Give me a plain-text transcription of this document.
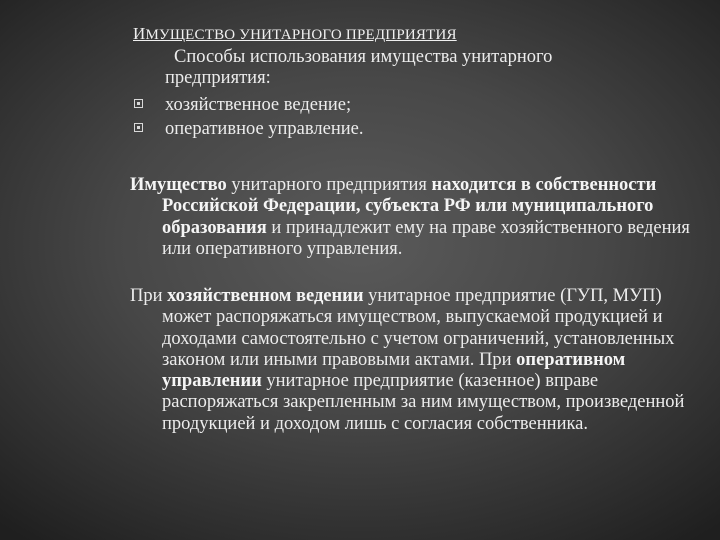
ИМУЩЕСТВО УНИТАРНОГО ПРЕДПРИЯТИЯ
Способы использования имущества унитарного
предприятия:
хозяйственное ведение;
оперативное управление.
Имущество унитарного предприятия находится в собственности Российской Федерации, субъекта РФ или муниципального образования и принадлежит ему на праве хозяйственного ведения или оперативного управления.
При хозяйственном ведении унитарное предприятие (ГУП, МУП) может распоряжаться имуществом, выпускаемой продукцией и доходами самостоятельно с учетом ограничений, установленных законом или иными правовыми актами. При оперативном управлении унитарное предприятие (казенное) вправе распоряжаться закрепленным за ним имуществом, произведенной продукцией и доходом лишь с согласия собственника.
